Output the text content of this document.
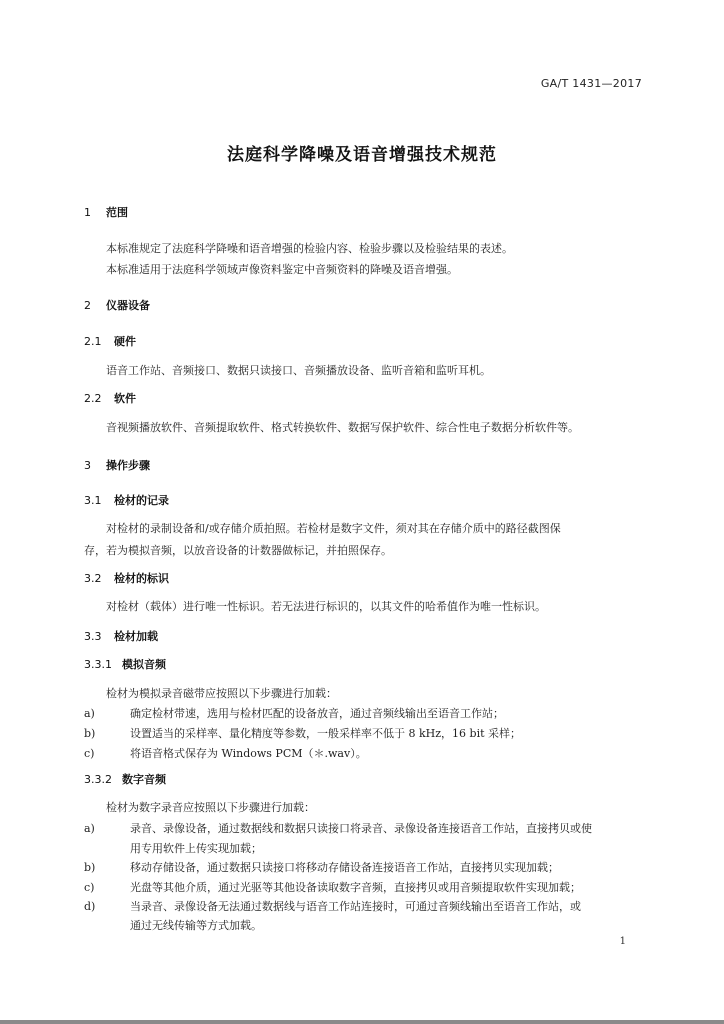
GA/T 1431—2017
法庭科学降噪及语音增强技术规范
1 范围
本标准规定了法庭科学降噪和语音增强的检验内容、检验步骤以及检验结果的表述。
本标准适用于法庭科学领域声像资料鉴定中音频资料的降噪及语音增强。
2 仪器设备
2.1 硬件
语音工作站、音频接口、数据只读接口、音频播放设备、监听音箱和监听耳机。
2.2 软件
音视频播放软件、音频提取软件、格式转换软件、数据写保护软件、综合性电子数据分析软件等。
3 操作步骤
3.1 检材的记录
对检材的录制设备和/或存储介质拍照。若检材是数字文件，须对其在存储介质中的路径截图保
存，若为模拟音频，以放音设备的计数器做标记，并拍照保存。
3.2 检材的标识
对检材（载体）进行唯一性标识。若无法进行标识的，以其文件的哈希值作为唯一性标识。
3.3 检材加载
3.3.1 模拟音频
检材为模拟录音磁带应按照以下步骤进行加载：
a)	确定检材带速，选用与检材匹配的设备放音，通过音频线输出至语音工作站；
b)	设置适当的采样率、量化精度等参数，一般采样率不低于 8 kHz，16 bit 采样；
c)	将语音格式保存为 Windows PCM（＊.wav）。
3.3.2 数字音频
检材为数字录音应按照以下步骤进行加载：
a)	录音、录像设备，通过数据线和数据只读接口将录音、录像设备连接语音工作站，直接拷贝或使
用专用软件上传实现加载；
b)	移动存储设备，通过数据只读接口将移动存储设备连接语音工作站，直接拷贝实现加载；
c)	光盘等其他介质，通过光驱等其他设备读取数字音频，直接拷贝或用音频提取软件实现加载；
d)	当录音、录像设备无法通过数据线与语音工作站连接时，可通过音频线输出至语音工作站，或
通过无线传输等方式加载。
1
